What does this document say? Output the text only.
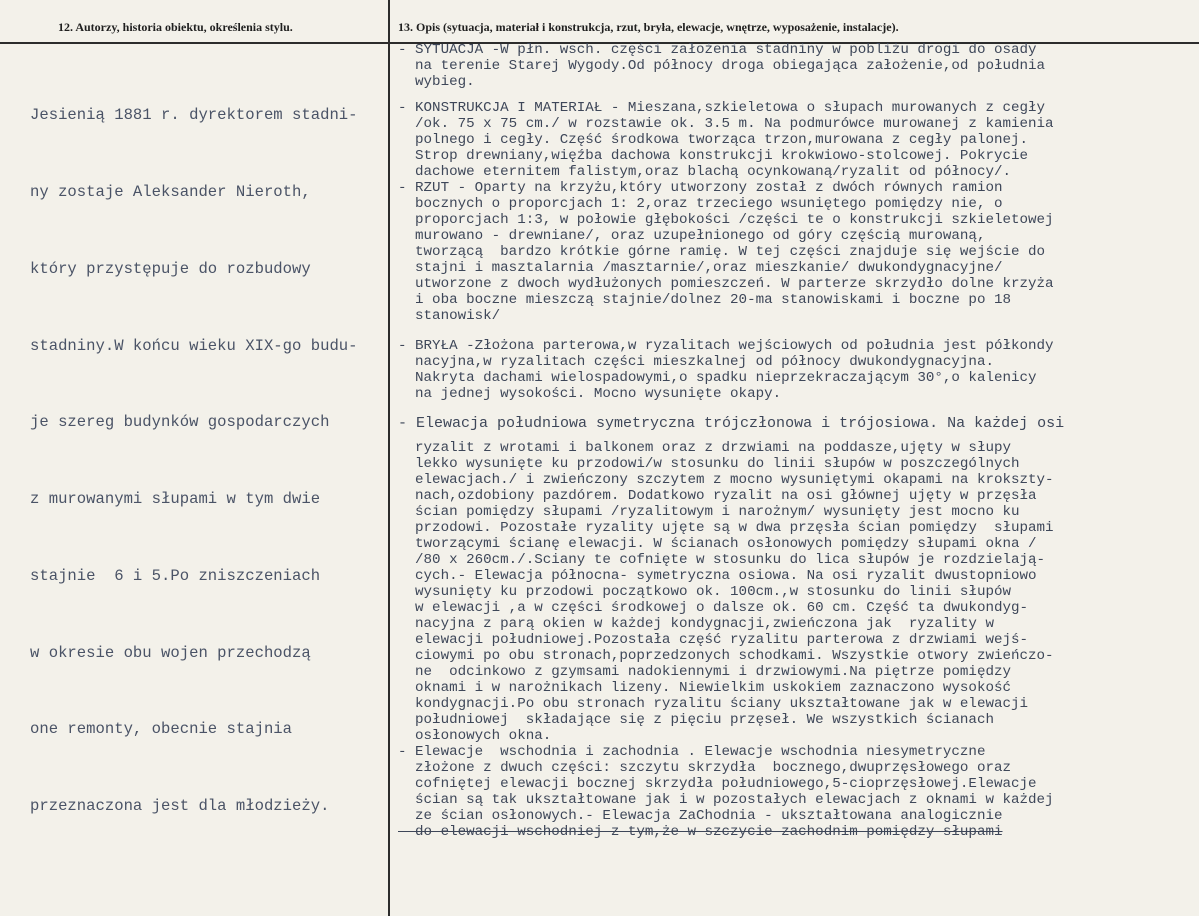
12. Autorzy, historia obiektu, określenia stylu.	13. Opis (sytuacja, materiał i konstrukcja, rzut, bryła, elewacje, wnętrze, wyposażenie, instalacje).

Jesienią 1881 r. dyrektorem stadni-

ny zostaje Aleksander Nieroth,

który przystępuje do rozbudowy

stadniny.W końcu wieku XIX-go budu-

je szereg budynków gospodarczych

z murowanymi słupami w tym dwie

stajnie  6 i 5.Po zniszczeniach

w okresie obu wojen przechodzą

one remonty, obecnie stajnia

przeznaczona jest dla młodzieży.

- SYTUACJA -W płn. wsch. części założenia stadniny w pobliżu drogi do osady
na terenie Starej Wygody.Od północy droga obiegająca założenie,od południa
wybieg.
- KONSTRUKCJA I MATERIAŁ - Mieszana,szkieletowa o słupach murowanych z cegły
/ok. 75 x 75 cm./ w rozstawie ok. 3.5 m. Na podmurówce murowanej z kamienia
polnego i cegły. Część środkowa tworząca trzon,murowana z cegły palonej.
Strop drewniany,więźba dachowa konstrukcji krokwiowo-stolcowej. Pokrycie
dachowe eternitem falistym,oraz blachą ocynkowaną/ryzalit od północy/.
- RZUT - Oparty na krzyżu,który utworzony został z dwóch równych ramion
bocznych o proporcjach 1: 2,oraz trzeciego wsuniętego pomiędzy nie, o
proporcjach 1:3, w połowie głębokości /części te o konstrukcji szkieletowej
murowano - drewniane/, oraz uzupełnionego od góry częścią murowaną,
tworzącą  bardzo krótkie górne ramię. W tej części znajduje się wejście do
stajni i masztalarnia /masztarnie/,oraz mieszkanie/ dwukondygnacyjne/
utworzone z dwoch wydłużonych pomieszczeń. W parterze skrzydło dolne krzyża
i oba boczne mieszczą stajnie/dolnez 20-ma stanowiskami i boczne po 18
stanowisk/
- BRYŁA -Złożona parterowa,w ryzalitach wejściowych od południa jest półkondy
nacyjna,w ryzalitach części mieszkalnej od północy dwukondygnacyjna.
Nakryta dachami wielospadowymi,o spadku nieprzekraczającym 30°,o kalenicy
na jednej wysokości. Mocno wysunięte okapy.
- Elewacja południowa symetryczna trójczłonowa i trójosiowa. Na każdej osi
ryzalit z wrotami i balkonem oraz z drzwiami na poddasze,ujęty w słupy
lekko wysunięte ku przodowi/w stosunku do linii słupów w poszczególnych
elewacjach./ i zwieńczony szczytem z mocno wysuniętymi okapami na krokszty-
nach,ozdobiony pazdórem. Dodatkowo ryzalit na osi głównej ujęty w przęsła
ścian pomiędzy słupami /ryzalitowym i narożnym/ wysunięty jest mocno ku
przodowi. Pozostałe ryzality ujęte są w dwa przęsła ścian pomiędzy  słupami
tworzącymi ścianę elewacji. W ścianach osłonowych pomiędzy słupami okna /
/80 x 260cm./.Sciany te cofnięte w stosunku do lica słupów je rozdzielają-
cych.- Elewacja północna- symetryczna osiowa. Na osi ryzalit dwustopniowo
wysunięty ku przodowi początkowo ok. 100cm.,w stosunku do linii słupów
w elewacji ,a w części środkowej o dalsze ok. 60 cm. Część ta dwukondyg-
nacyjna z parą okien w każdej kondygnacji,zwieńczona jak  ryzality w
elewacji południowej.Pozostała część ryzalitu parterowa z drzwiami wejś-
ciowymi po obu stronach,poprzedzonych schodkami. Wszystkie otwory zwieńczo-
ne  odcinkowo z gzymsami nadokiennymi i drzwiowymi.Na piętrze pomiędzy
oknami i w narożnikach lizeny. Niewielkim uskokiem zaznaczono wysokość
kondygnacji.Po obu stronach ryzalitu ściany ukształtowane jak w elewacji
południowej  składające się z pięciu przęseł. We wszystkich ścianach
osłonowych okna.
- Elewacje  wschodnia i zachodnia . Elewacje wschodnia niesymetryczne
złożone z dwuch części: szczytu skrzydła  bocznego,dwuprzęsłowego oraz
cofniętej elewacji bocznej skrzydła południowego,5-cioprzęsłowej.Elewacje
ścian są tak ukształtowane jak i w pozostałych elewacjach z oknami w każdej
ze ścian osłonowych.- Elewacja ZaChodnia - ukształtowana analogicznie
do elewacji wschodniej z tym,że w szczycie zachodnim pomiędzy słupami
